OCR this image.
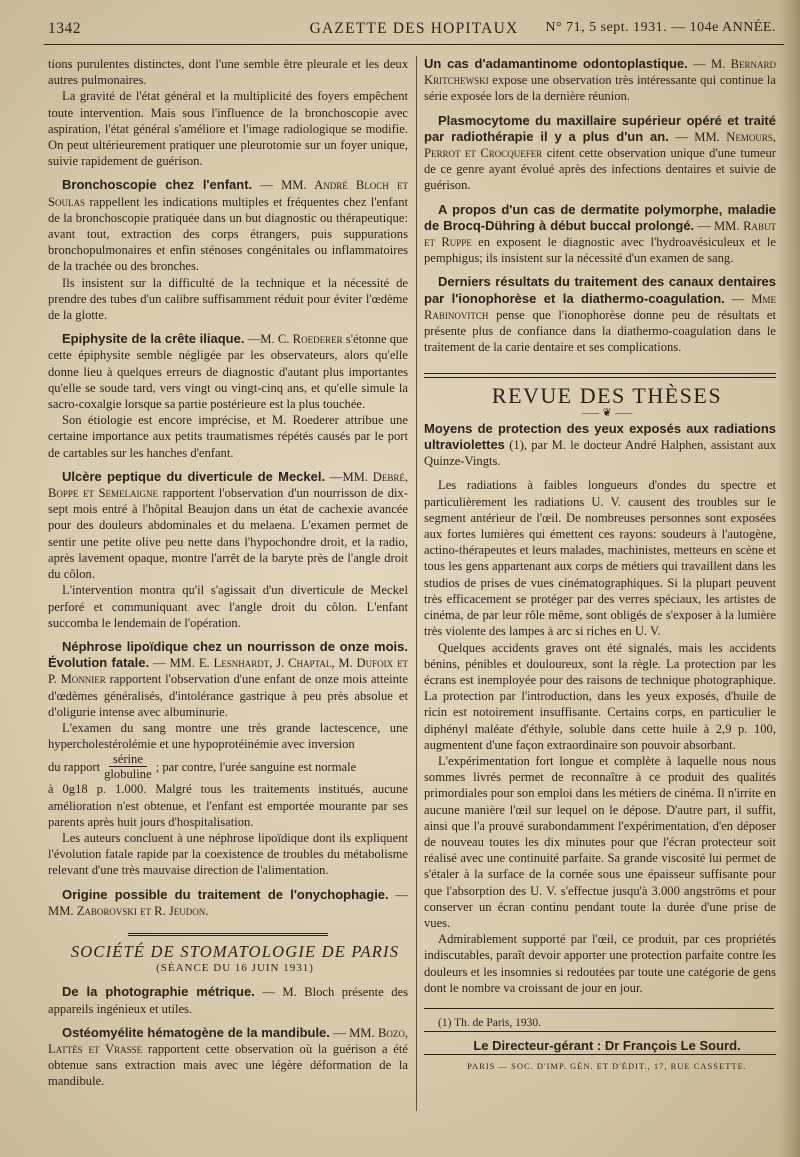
1342	GAZETTE DES HOPITAUX	N° 71, 5 sept. 1931. — 104e ANNÉE.

tions purulentes distinctes, dont l'une semble être pleurale et les deux autres pulmonaires.

La gravité de l'état général et la multiplicité des foyers empêchent toute intervention. Mais sous l'influence de la bronchoscopie avec aspiration, l'état général s'améliore et l'image radiologique se modifie. On peut ultérieurement pratiquer une pleurotomie sur un foyer unique, suivie rapidement de guérison.

Bronchoscopie chez l'enfant. — MM. André Bloch et Soulas rappellent les indications multiples et fréquentes chez l'enfant de la bronchoscopie pratiquée dans un but diagnostic ou thérapeutique: avant tout, extraction des corps étrangers, puis suppurations bronchopulmonaires et enfin sténoses congénitales ou inflammatoires de la trachée ou des bronches.

Ils insistent sur la difficulté de la technique et la nécessité de prendre des tubes d'un calibre suffisamment réduit pour éviter l'œdème de la glotte.

Epiphysite de la crête iliaque. —M. C. Roederer s'étonne que cette épiphysite semble négligée par les observateurs, alors qu'elle donne lieu à quelques erreurs de diagnostic d'autant plus importantes qu'elle se soude tard, vers vingt ou vingt-cinq ans, et qu'elle simule la sacro-coxalgie lorsque sa partie postérieure est la plus touchée.

Son étiologie est encore imprécise, et M. Roederer attribue une certaine importance aux petits traumatismes répétés causés par le port de cartables sur les hanches d'enfant.

Ulcère peptique du diverticule de Meckel. —MM. Debré, Boppe et Semelaigne rapportent l'observation d'un nourrisson de dix-sept mois entré à l'hôpital Beaujon dans un état de cachexie avancée pour des douleurs abdominales et du melaena. L'examen permet de sentir une petite olive peu nette dans l'hypochondre droit, et la radio, après lavement opaque, montre l'arrêt de la baryte près de l'angle droit du côlon.

L'intervention montra qu'il s'agissait d'un diverticule de Meckel perforé et communiquant avec l'angle droit du côlon. L'enfant succomba le lendemain de l'opération.

Néphrose lipoïdique chez un nourrisson de onze mois. Évolution fatale. — MM. E. Lesnhardt, J. Chaptal, M. Dufoix et P. Monnier rapportent l'observation d'une enfant de onze mois atteinte d'œdèmes généralisés, d'intolérance gastrique à peu près absolue et d'oligurie intense avec albuminurie.

L'examen du sang montre une très grande lactescence, une hypercholestérolémie et une hypoprotéinémie avec inversion

du rapport $\frac{\text{sérine}}{\text{globuline}}$ ; par contre, l'urée sanguine est normale

à 0g18 p. 1.000. Malgré tous les traitements institués, aucune amélioration n'est obtenue, et l'enfant est emportée mourante par ses parents après huit jours d'hospitalisation.

Les auteurs concluent à une néphrose lipoïdique dont ils expliquent l'évolution fatale rapide par la coexistence de troubles du métabolisme relevant d'une très mauvaise direction de l'alimentation.

Origine possible du traitement de l'onychophagie. — MM. Zaborovski et R. Jeudon.

SOCIÉTÉ DE STOMATOLOGIE DE PARIS

(SÉANCE DU 16 JUIN 1931)

De la photographie métrique. — M. Bloch présente des appareils ingénieux et utiles.

Ostéomyélite hématogène de la mandibule. — MM. Bozo, Lattès et Vrasse rapportent cette observation où la guérison a été obtenue sans extraction mais avec une légère déformation de la mandibule.

Un cas d'adamantinome odontoplastique. — M. Bernard Kritchewski expose une observation très intéressante qui continue la série exposée lors de la dernière réunion.

Plasmocytome du maxillaire supérieur opéré et traité par radiothérapie il y a plus d'un an. — MM. Nemours, Perrot et Crocquefer citent cette observation unique d'une tumeur de ce genre ayant évolué après des infections dentaires et suivie de guérison.

A propos d'un cas de dermatite polymorphe, maladie de Brocq-Dühring à début buccal prolongé. — MM. Rabut et Ruppe en exposent le diagnostic avec l'hydroavésiculeux et le pemphigus; ils insistent sur la nécessité d'un examen de sang.

Derniers résultats du traitement des canaux dentaires par l'ionophorèse et la diathermo-coagulation. — Mme Rabinovitch pense que l'ionophorèse donne peu de résultats et présente plus de confiance dans la diathermo-coagulation dans le traitement de la carie dentaire et ses complications.

REVUE DES THÈSES

⸺ ❦ ⸺

Moyens de protection des yeux exposés aux radiations ultraviolettes (1), par M. le docteur André Halphen, assistant aux Quinze-Vingts.

Les radiations à faibles longueurs d'ondes du spectre et particulièrement les radiations U. V. causent des troubles sur le segment antérieur de l'œil. De nombreuses personnes sont exposées aux fortes lumières qui émettent ces rayons: soudeurs à l'autogène, actino-thérapeutes et leurs malades, machinistes, metteurs en scène et tous les gens appartenant aux corps de métiers qui travaillent dans les studios de prises de vues cinématographiques. Si la plupart peuvent très efficacement se protéger par des verres spéciaux, les artistes de cinéma, de par leur rôle même, sont obligés de s'exposer à la lumière très violente des lampes à arc si riches en U. V.

Quelques accidents graves ont été signalés, mais les accidents bénins, pénibles et douloureux, sont la règle. La protection par les écrans est inemployée pour des raisons de technique photographique. La protection par l'introduction, dans les yeux exposés, d'huile de ricin est notoirement insuffisante. Certains corps, en particulier le diphényl maléate d'éthyle, soluble dans cette huile à 2,9 p. 100, augmentent d'une façon extraordinaire son pouvoir absorbant.

L'expérimentation fort longue et complète à laquelle nous nous sommes livrés permet de reconnaître à ce produit des qualités primordiales pour son emploi dans les métiers de cinéma. Il n'irrite en aucune manière l'œil sur lequel on le dépose. D'autre part, il suffit, ainsi que l'a prouvé surabondamment l'expérimentation, d'en déposer de nouveau toutes les dix minutes pour que l'écran protecteur soit réalisé avec une continuité parfaite. Sa grande viscosité lui permet de s'étaler à la surface de la cornée sous une épaisseur suffisante pour que l'absorption des U. V. s'effectue jusqu'à 3.000 angströms et pour conserver un écran continu pendant toute la durée d'une prise de vues.

Admirablement supporté par l'œil, ce produit, par ces propriétés indiscutables, paraît devoir apporter une protection parfaite contre les douleurs et les insomnies si redoutées par toute une catégorie de gens dont le nombre va croissant de jour en jour.

(1) Th. de Paris, 1930.

Le Directeur-gérant : Dr François Le Sourd.

PARIS — SOC. D'IMP. GÉN. ET D'ÉDIT., 17, RUE CASSETTE.
